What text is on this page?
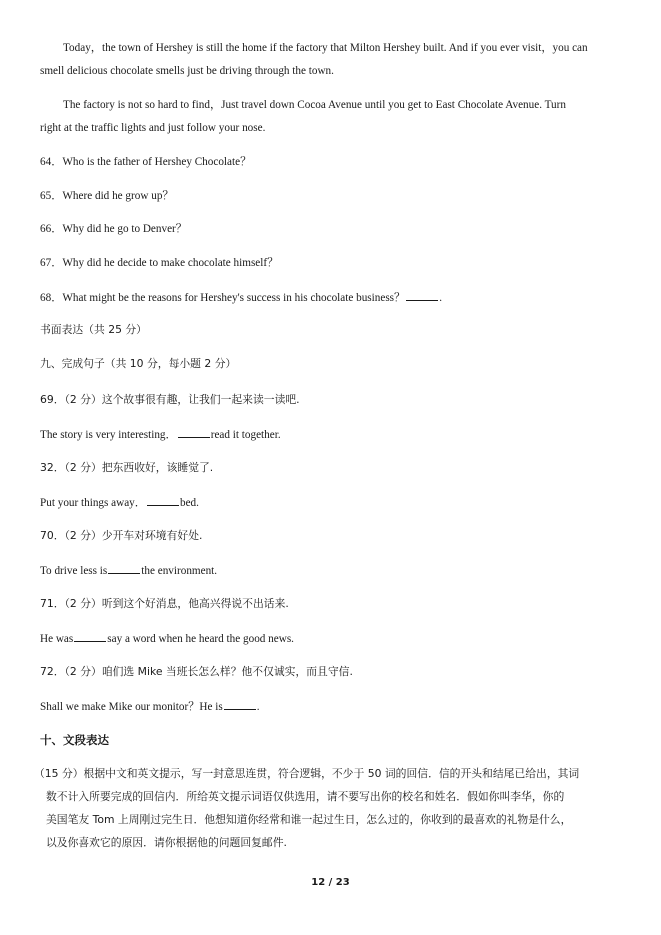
Today，the town of Hershey is still the home if the factory that Milton Hershey built. And if you ever visit，you can
smell delicious chocolate smells just be driving through the town.
The factory is not so hard to find，Just travel down Cocoa Avenue until you get to East Chocolate Avenue. Turn
right at the traffic lights and just follow your nose.
64．Who is the father of Hershey Chocolate？
65．Where did he grow up？
66．Why did he go to Denver？
67．Why did he decide to make chocolate himself？
68．What might be the reasons for Hershey's success in his chocolate business？	.
书面表达（共 25 分）
九、完成句子（共 10 分，每小题 2 分）
69．（2 分）这个故事很有趣，让我们一起来读一读吧.
The story is very interesting．	read it together.
32．（2 分）把东西收好，该睡觉了.
Put your things away．	bed.
70．（2 分）少开车对环境有好处.
To drive less is	the environment.
71．（2 分）听到这个好消息，他高兴得说不出话来.
He was	say a word when he heard the good news.
72．（2 分）咱们选 Mike 当班长怎么样？他不仅诚实，而且守信.
Shall we make Mike our monitor？He is	.
十、文段表达
（15 分）根据中文和英文提示，写一封意思连贯，符合逻辑，不少于 50 词的回信．信的开头和结尾已给出，其词
数不计入所要完成的回信内．所给英文提示词语仅供选用，请不要写出你的校名和姓名．假如你叫李华，你的
美国笔友 Tom 上周刚过完生日．他想知道你经常和谁一起过生日，怎么过的，你收到的最喜欢的礼物是什么，
以及你喜欢它的原因．请你根据他的问题回复邮件.
12 / 23
